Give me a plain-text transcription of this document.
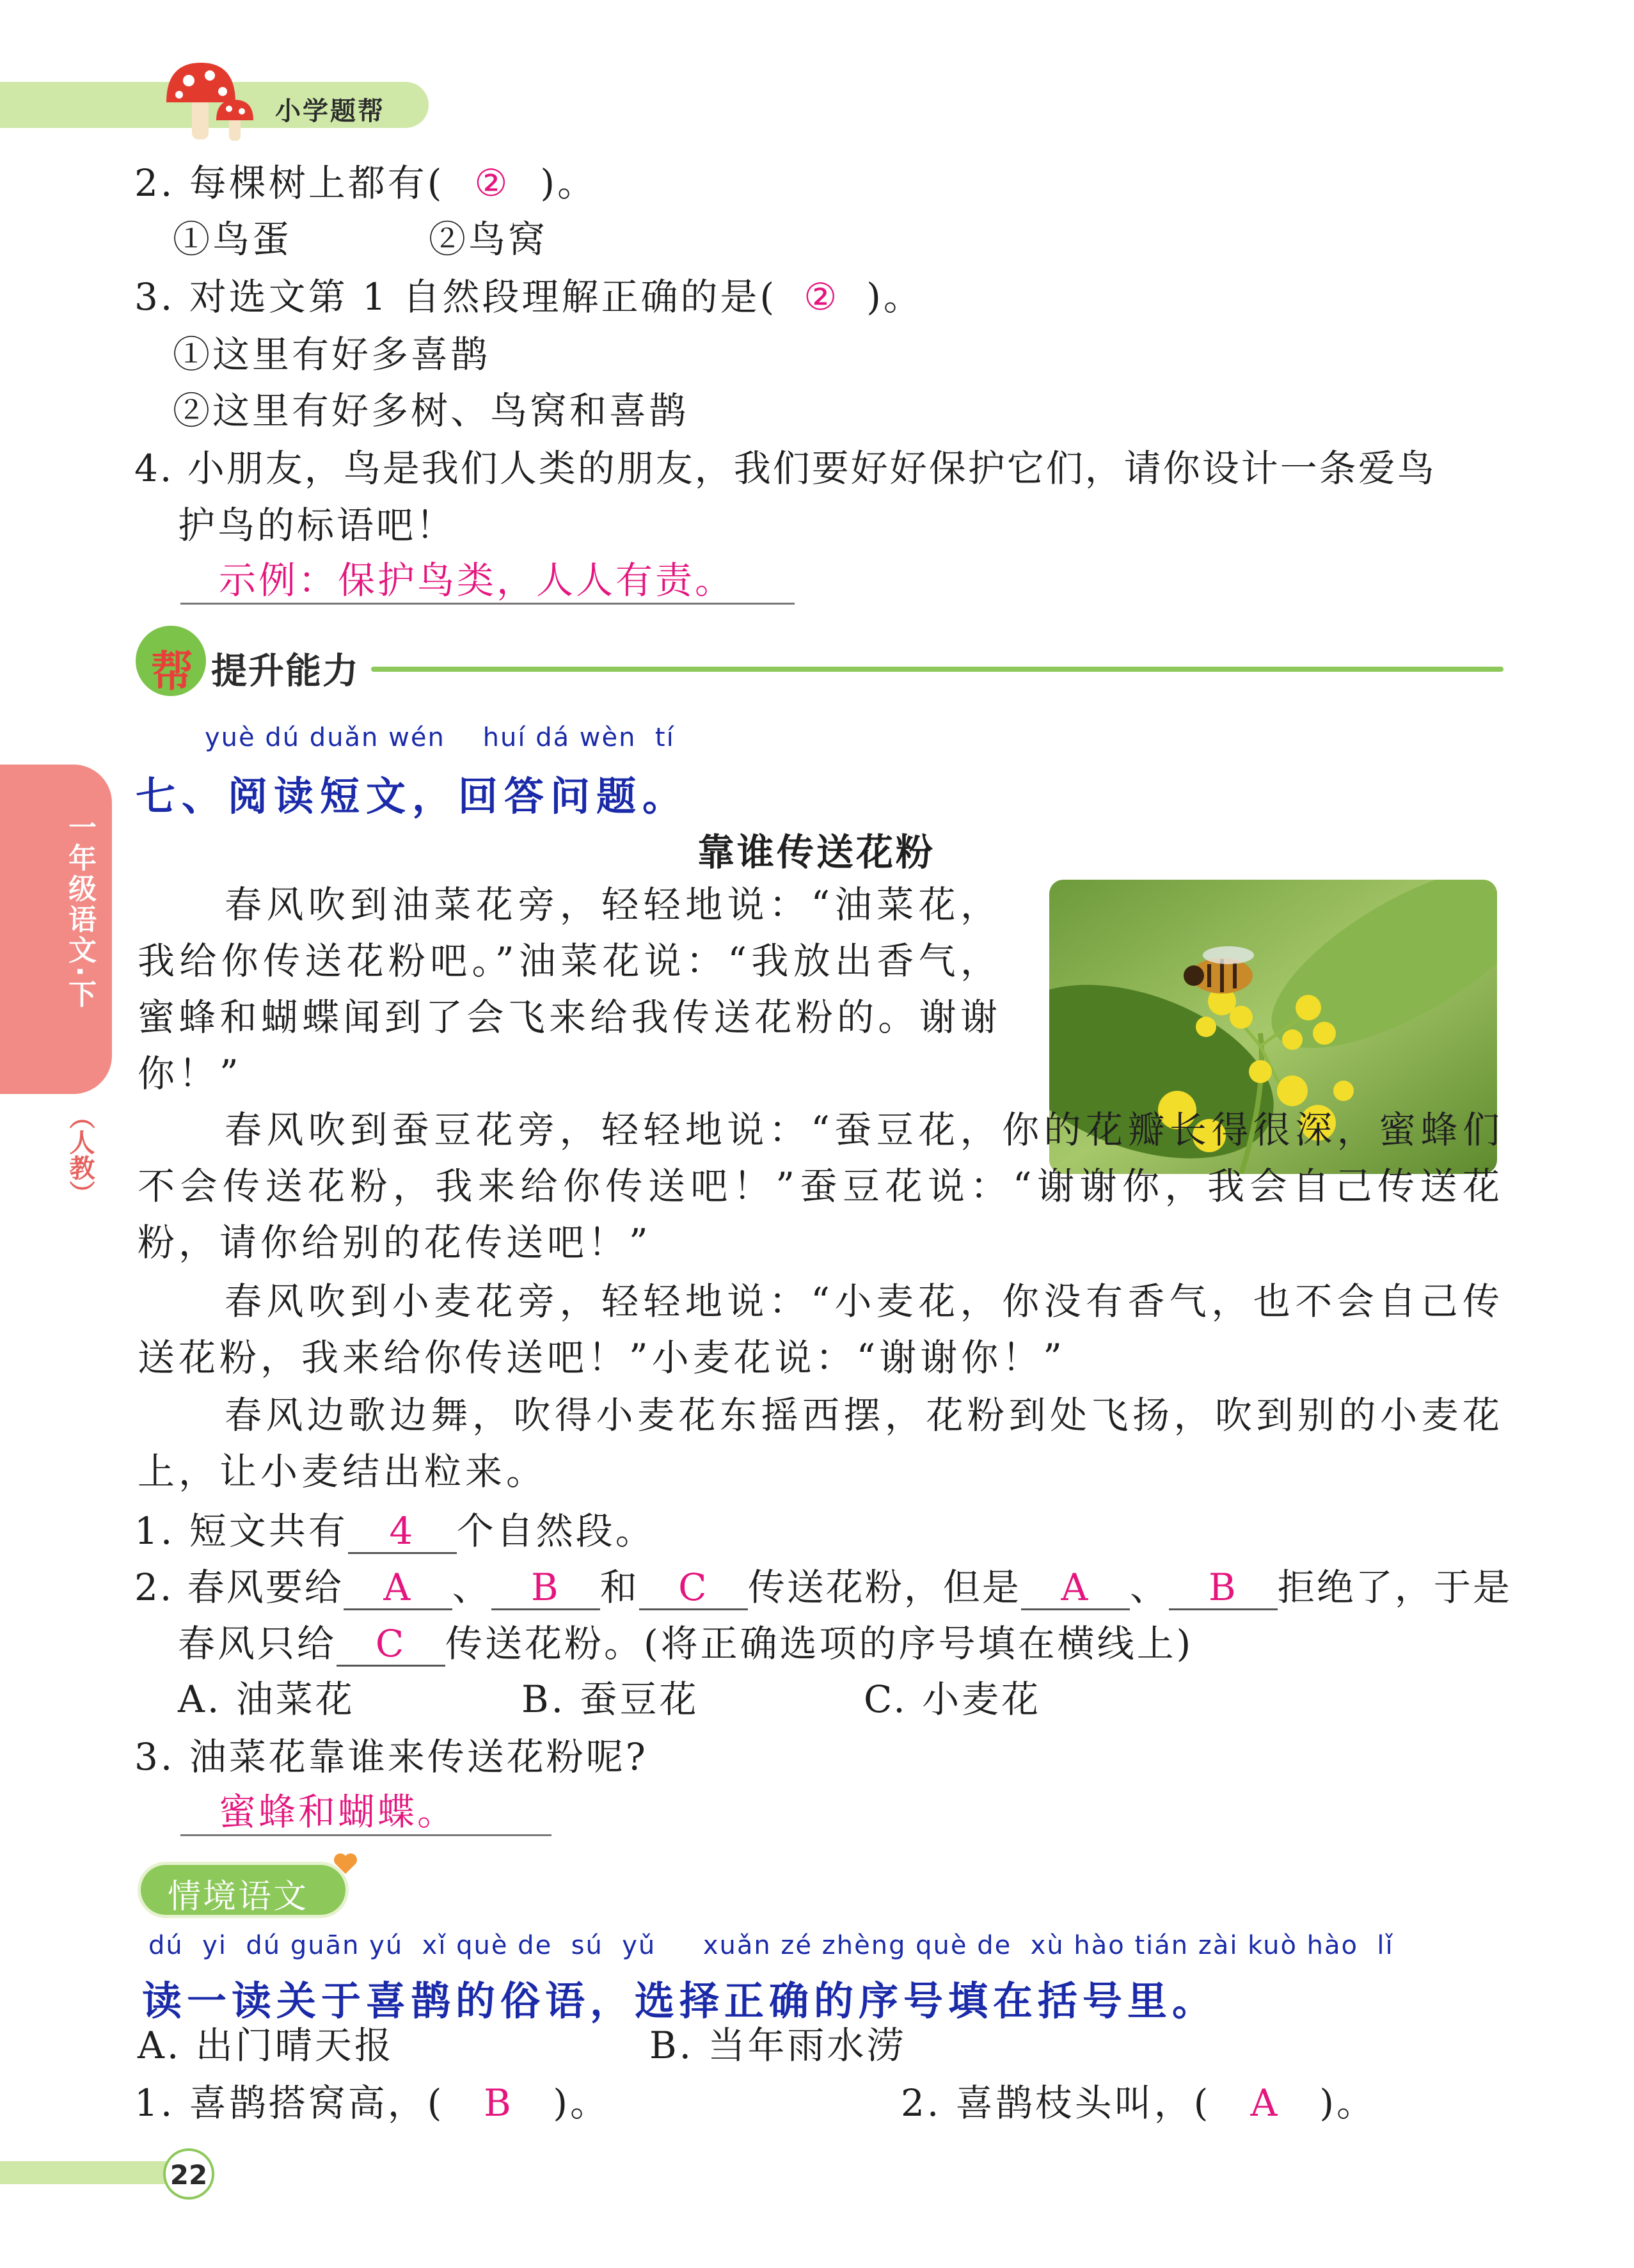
小学题帮
一年级语文·下
（人教）
2. 每棵树上都有( ② )。
①鸟蛋	②鸟窝
3. 对选文第 1 自然段理解正确的是( ② )。
①这里有好多喜鹊
②这里有好多树、鸟窝和喜鹊
4. 小朋友，鸟是我们人类的朋友，我们要好好保护它们，请你设计一条爱鸟
护鸟的标语吧！
示例：保护鸟类，人人有责。
帮 提升能力
yuè dú duǎn wén    huí dá wèn  tí
七、阅读短文，回答问题。
靠谁传送花粉
春风吹到油菜花旁，轻轻地说：“油菜花，我给你传送花粉吧。”油菜花说：“我放出香气，蜜蜂和蝴蝶闻到了会飞来给我传送花粉的。谢谢你！”
春风吹到蚕豆花旁，轻轻地说：“蚕豆花，你的花瓣长得很深，蜜蜂们不会传送花粉，我来给你传送吧！”蚕豆花说：“谢谢你，我会自己传送花粉，请你给别的花传送吧！”
春风吹到小麦花旁，轻轻地说：“小麦花，你没有香气，也不会自己传送花粉，我来给你传送吧！”小麦花说：“谢谢你！”
春风边歌边舞，吹得小麦花东摇西摆，花粉到处飞扬，吹到别的小麦花上，让小麦结出粒来。
1. 短文共有 4 个自然段。
2. 春风要给 A 、 B 和 C 传送花粉，但是 A 、 B 拒绝了，于是
春风只给 C 传送花粉。(将正确选项的序号填在横线上)
A. 油菜花	B. 蚕豆花	C. 小麦花
3. 油菜花靠谁来传送花粉呢?
蜜蜂和蝴蝶。
情境语文
dú  yi  dú guān yú  xǐ què de  sú  yǔ     xuǎn zé zhèng què de  xù hào tián zài kuò hào  lǐ
读一读关于喜鹊的俗语，选择正确的序号填在括号里。
A. 出门晴天报	B. 当年雨水涝
1. 喜鹊搭窝高，( B )。	2. 喜鹊枝头叫，( A )。
22
